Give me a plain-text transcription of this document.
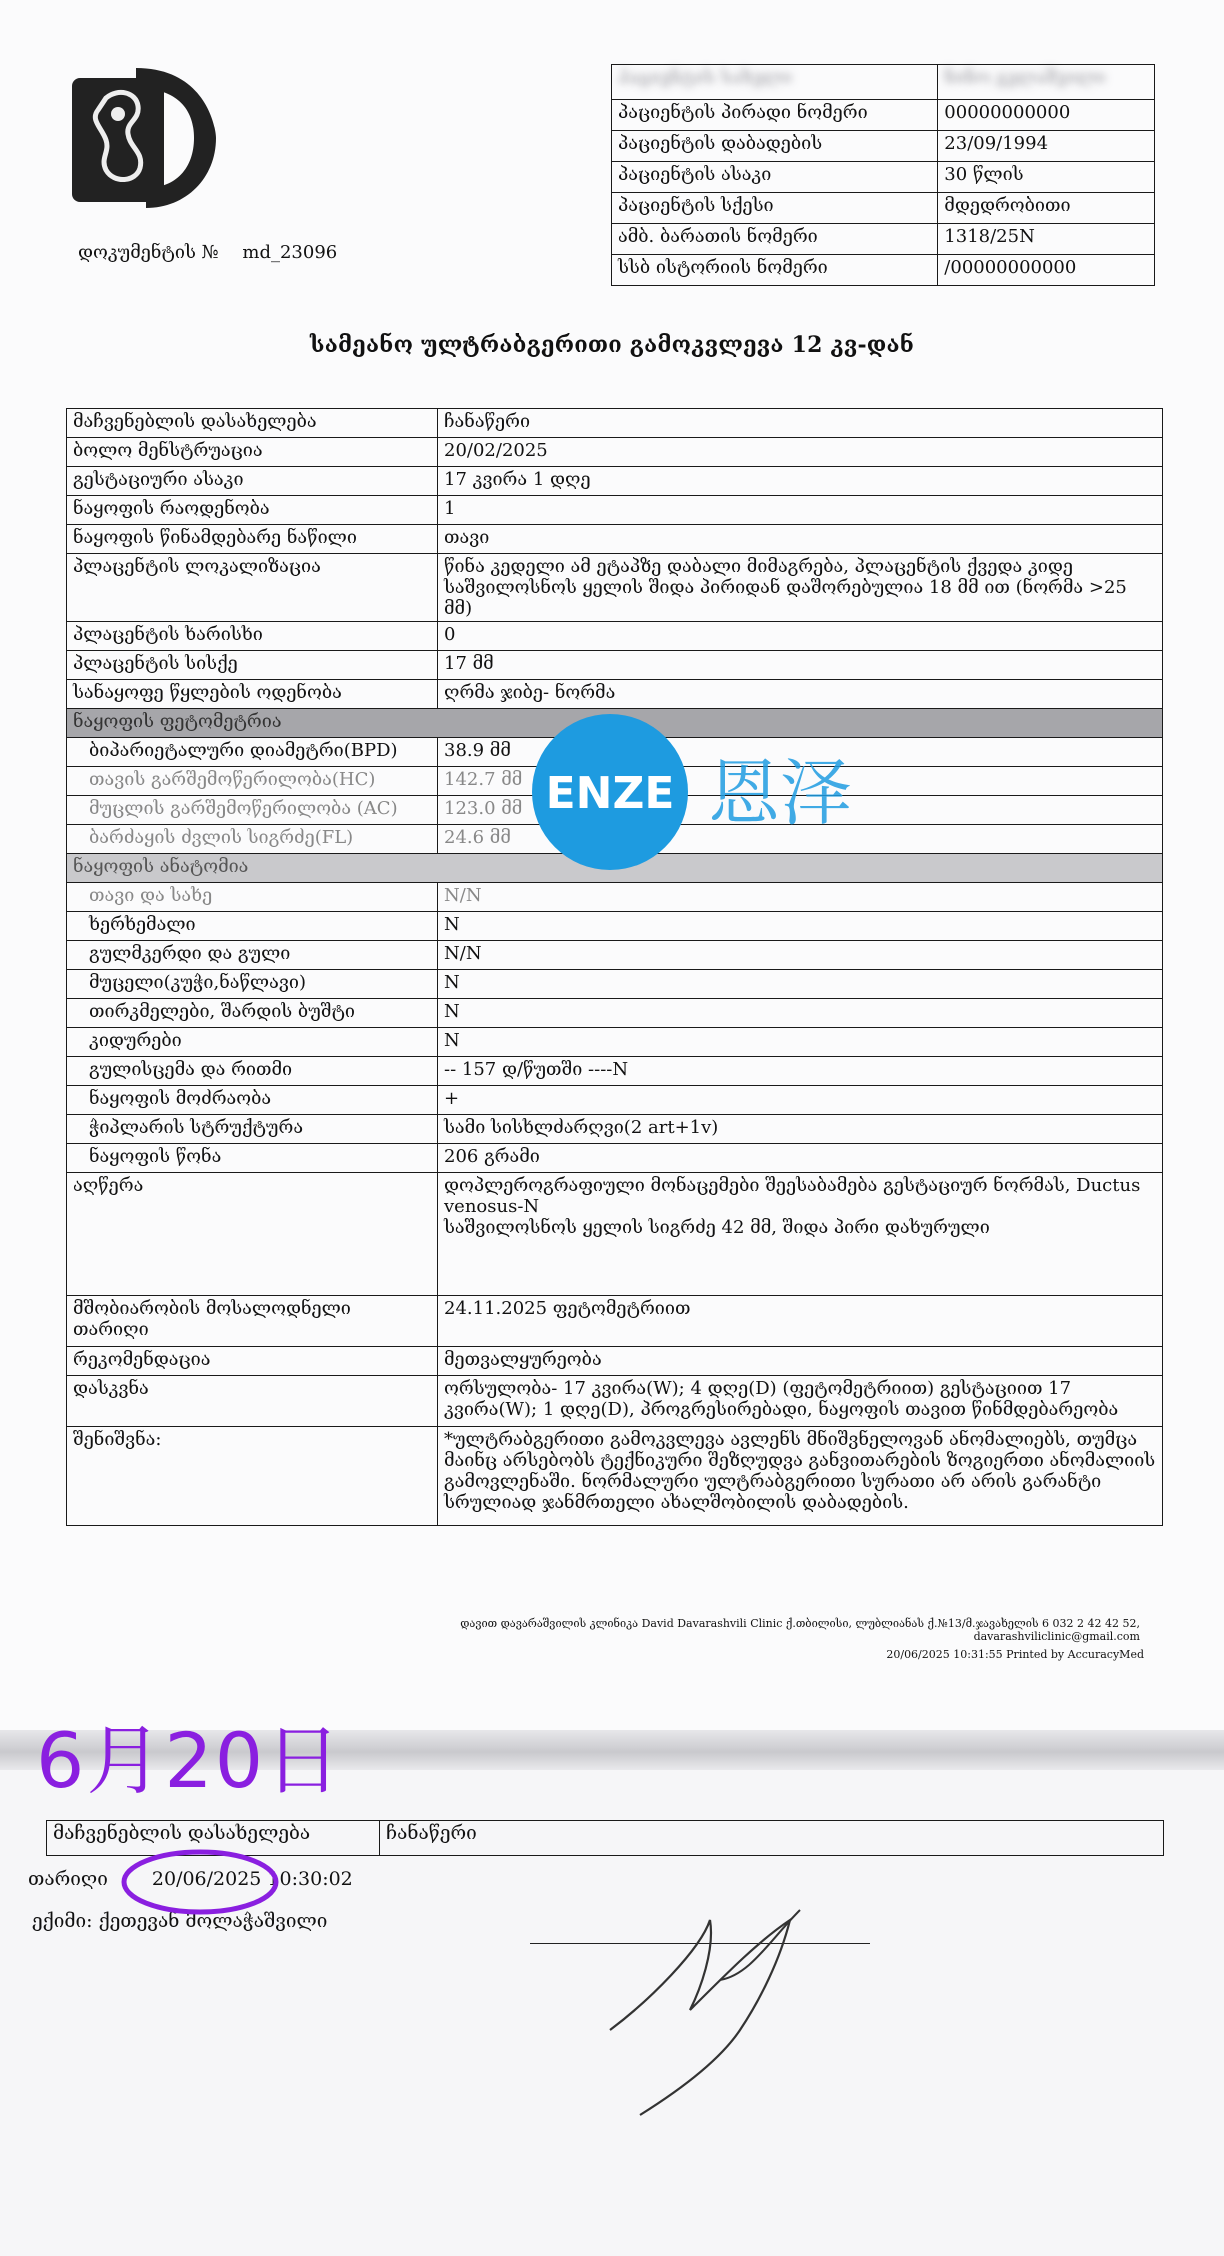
დოკუმენტის № md_23096
პაციენტის სახელი	ნინო გელაშვილი
პაციენტის პირადი ნომერი	00000000000
პაციენტის დაბადების	23/09/1994
პაციენტის ასაკი	30 წლის
პაციენტის სქესი	მდედრობითი
ამბ. ბარათის ნომერი	1318/25N
სსბ ისტორიის ნომერი	/00000000000
სამეანო ულტრაბგერითი გამოკვლევა 12 კვ-დან
მაჩვენებლის დასახელება	ჩანაწერი
ბოლო მენსტრუაცია	20/02/2025
გესტაციური ასაკი	17 კვირა 1 დღე
ნაყოფის რაოდენობა	1
ნაყოფის წინამდებარე ნაწილი	თავი
პლაცენტის ლოკალიზაცია	წინა კედელი ამ ეტაპზე დაბალი მიმაგრება, პლაცენტის ქვედა კიდე საშვილოსნოს ყელის შიდა პირიდან დაშორებულია 18 მმ ით (ნორმა >25 მმ)
პლაცენტის ხარისხი	0
პლაცენტის სისქე	17 მმ
სანაყოფე წყლების ოდენობა	ღრმა ჯიბე- ნორმა
ნაყოფის ფეტომეტრია	
ბიპარიეტალური დიამეტრი(BPD)	38.9 მმ
თავის გარშემოწერილობა(HC)	142.7 მმ
მუცლის გარშემოწერილობა (AC)	123.0 მმ
ბარძაყის ძვლის სიგრძე(FL)	24.6 მმ
ნაყოფის ანატომია	
თავი და სახე	N/N
ხერხემალი	N
გულმკერდი და გული	N/N
მუცელი(კუჭი,ნაწლავი)	N
თირკმელები, შარდის ბუშტი	N
კიდურები	N
გულისცემა და რითმი	-- 157 დ/წუთში ----N
ნაყოფის მოძრაობა	+
ჭიპლარის სტრუქტურა	სამი სისხლძარღვი(2 art+1v)
ნაყოფის წონა	206 გრამი
აღწერა	დოპლეროგრაფიული მონაცემები შეესაბამება გესტაციურ ნორმას, Ductus venosus-N
საშვილოსნოს ყელის სიგრძე 42 მმ, შიდა პირი დახურული

მშობიარობის მოსალოდნელი თარიღი	24.11.2025 ფეტომეტრიით
რეკომენდაცია	მეთვალყურეობა
დასკვნა	ორსულობა- 17 კვირა(W); 4 დღე(D) (ფეტომეტრიით) გესტაციით 17 კვირა(W); 1 დღე(D), პროგრესირებადი, ნაყოფის თავით წინმდებარეობა
შენიშვნა:	*ულტრაბგერითი გამოკვლევა ავლენს მნიშვნელოვან ანომალიებს, თუმცა მაინც არსებობს ტექნიკური შეზღუდვა განვითარების ზოგიერთი ანომალიის გამოვლენაში. ნორმალური ულტრაბგერითი სურათი არ არის გარანტი სრულიად ჯანმრთელი ახალშობილის დაბადების.
ENZE 恩泽
დავით დავარაშვილის კლინიკა David Davarashvili Clinic ქ.თბილისი, ლუბლიანას ქ.№13/მ.ჯავახელის 6 032 2 42 42 52, davarashviliclinic@gmail.com
20/06/2025 10:31:55 Printed by AccuracyMed
6月20日
მაჩვენებლის დასახელება	ჩანაწერი
თარიღი 20/06/2025 10:30:02
ექიმი: ქეთევან მოლაჭაშვილი
